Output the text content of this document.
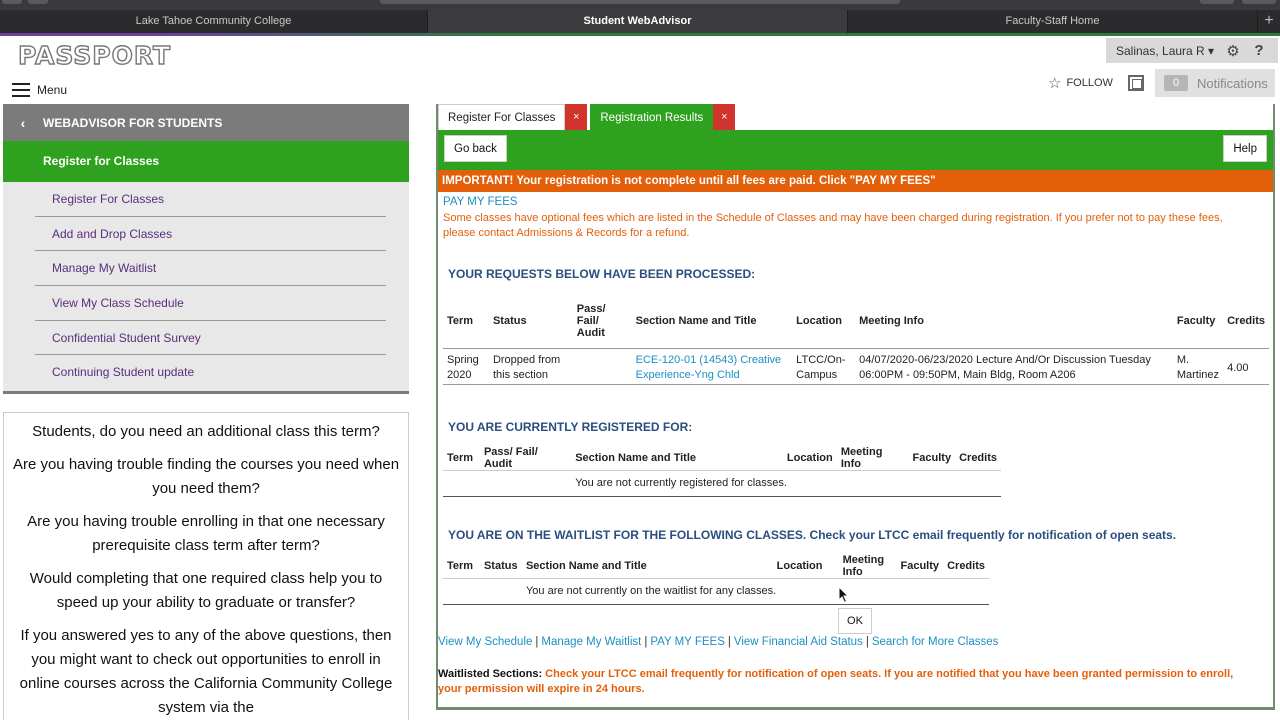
Lake Tahoe Community College	Student WebAdvisor	Faculty-Staff Home	+
PASSPORT	Salinas, Laura R ▾ ⚙ ?
Menu	☆ FOLLOW	0	Notifications
‹	WEBADVISOR FOR STUDENTS
Register for Classes
Register For Classes
Add and Drop Classes
Manage My Waitlist
View My Class Schedule
Confidential Student Survey
Continuing Student update

Students, do you need an additional class this term?

Are you having trouble finding the courses you need when you need them?

Are you having trouble enrolling in that one necessary prerequisite class term after term?

Would completing that one required class help you to speed up your ability to graduate or transfer?

If you answered yes to any of the above questions, then you might want to check out opportunities to enroll in online courses across the California Community College system via the

Register For Classes	×	Registration Results	×
Go back	Help
IMPORTANT! Your registration is not complete until all fees are paid. Click "PAY MY FEES"
PAY MY FEES
Some classes have optional fees which are listed in the Schedule of Classes and may have been charged during registration. If you prefer not to pay these fees, please contact Admissions & Records for a refund.
YOUR REQUESTS BELOW HAVE BEEN PROCESSED:
Term	Status	Pass/ Fail/ Audit	Section Name and Title	Location	Meeting Info	Faculty	Credits
Spring 2020	Dropped from this section		ECE-120-01 (14543) Creative Experience-Yng Chld	LTCC/On-Campus	04/07/2020-06/23/2020 Lecture And/Or Discussion Tuesday 06:00PM - 09:50PM, Main Bldg, Room A206	M. Martinez	4.00
YOU ARE CURRENTLY REGISTERED FOR:
Term	Pass/ Fail/ Audit	Section Name and Title	Location	Meeting Info	Faculty	Credits
		You are not currently registered for classes.				
YOU ARE ON THE WAITLIST FOR THE FOLLOWING CLASSES. Check your LTCC email frequently for notification of open seats.
Term	Status	Section Name and Title	Location	Meeting Info	Faculty	Credits
		You are not currently on the waitlist for any classes.				
OK
View My Schedule | Manage My Waitlist | PAY MY FEES | View Financial Aid Status | Search for More Classes
Waitlisted Sections: Check your LTCC email frequently for notification of open seats. If you are notified that you have been granted permission to enroll, your permission will expire in 24 hours.
